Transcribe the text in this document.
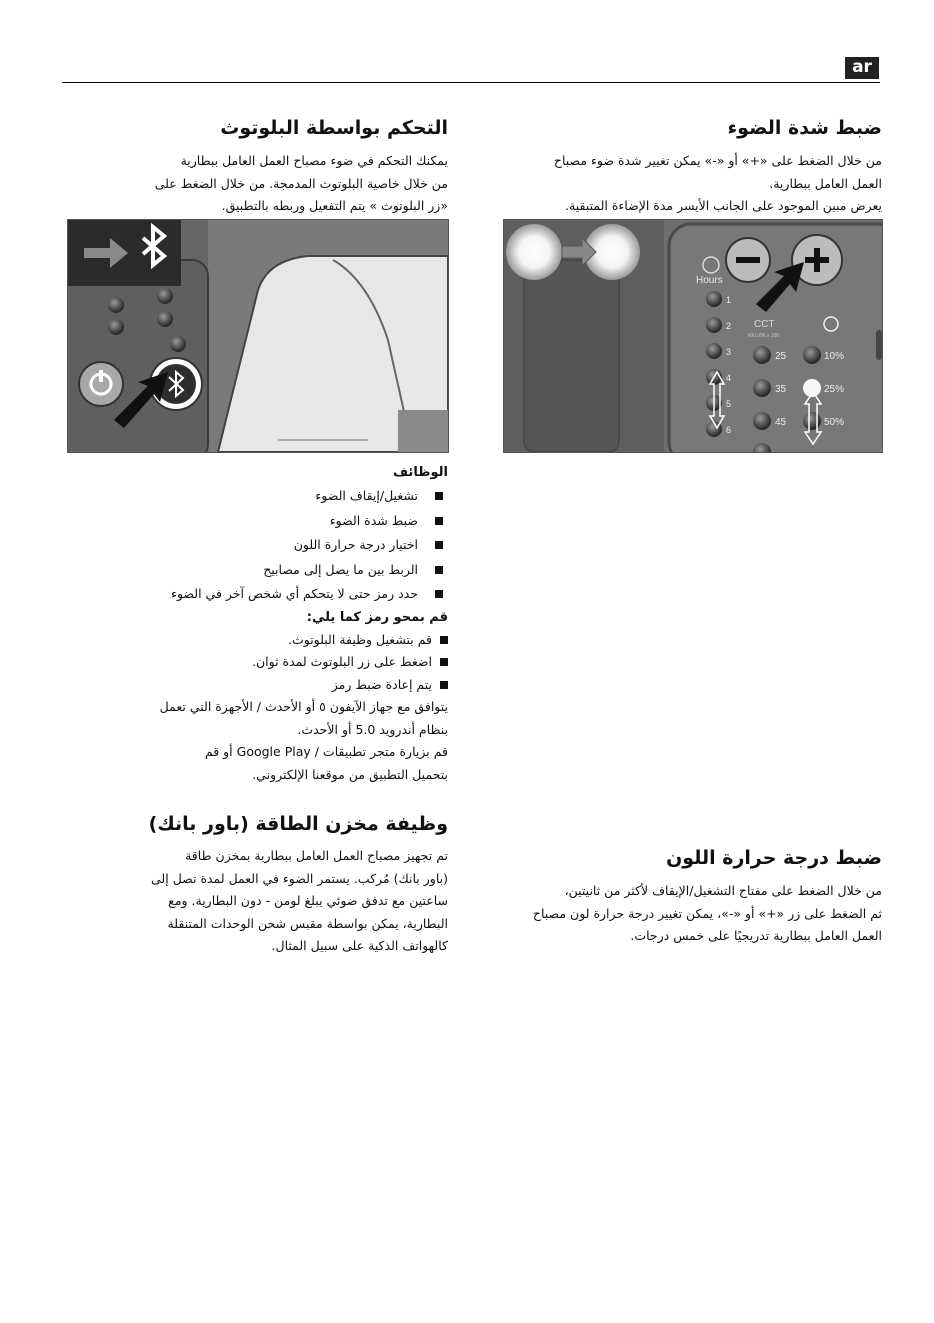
ar
ضبط شدة الضوء

من خلال الضغط على «+» أو «-» يمكن تغيير شدة ضوء مصباح

العمل العامل ببطارية.

يعرض مبين الموجود على الجانب الأيسر مدة الإضاءة المتبقية.

Hours
1
2
3
4
5
6
CCT
KELVIN x 100
25
35
45
10%
25%
50%
التحكم بواسطة البلوتوث

يمكنك التحكم في ضوء مصباح العمل العامل ببطارية

من خلال خاصية البلوتوث المدمجة. من خلال الضغط على

«زر البلوتوث » يتم التفعيل وربطه بالتطبيق.

الوظائف

تشغيل/إيقاف الضوء
ضبط شدة الضوء
اختيار درجة حرارة اللون
الربط بين ما يصل إلى مصابيح
حدد رمز حتى لا يتحكم أي شخص آخر في الضوء

قم بمحو رمز كما يلي:

قم بتشغيل وظيفة البلوتوث.
اضغط على زر البلوتوث لمدة ثوان.
يتم إعادة ضبط رمز

يتوافق مع جهاز الآيفون ٥ أو الأحدث / الأجهزة التي تعمل

بنظام أندرويد 5.0 أو الأحدث.

قم بزيارة متجر تطبيقات / Google Play أو قم

بتحميل التطبيق من موقعنا الإلكتروني.

وظيفة مخزن الطاقة (باور بانك)

تم تجهيز مصباح العمل العامل ببطارية بمخزن طاقة

(باور بانك) مُركب. يستمر الضوء في العمل لمدة تصل إلى

ساعتين مع تدفق ضوئي يبلغ لومن - دون البطارية. ومع

البطارية، يمكن بواسطة مقبس شحن الوحدات المتنقلة

كالهواتف الذكية على سبيل المثال.

ضبط درجة حرارة اللون

من خلال الضغط على مفتاح التشغيل/الإيقاف لأكثر من ثانيتين،

ثم الضغط على زر «+» أو «-»، يمكن تغيير درجة حرارة لون مصباح

العمل العامل ببطارية تدريجيًا على خمس درجات.
